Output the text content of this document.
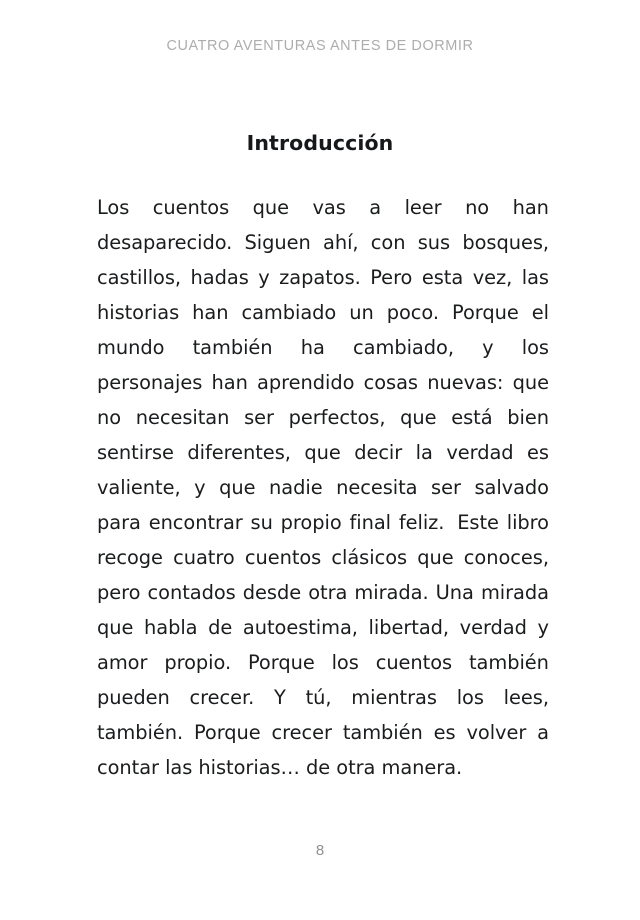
CUATRO AVENTURAS ANTES DE DORMIR
Introducción
Los cuentos que vas a leer no han
desaparecido. Siguen ahí, con sus bosques,
castillos, hadas y zapatos. Pero esta vez, las
historias han cambiado un poco. Porque el
mundo también ha cambiado, y los
personajes han aprendido cosas nuevas: que
no necesitan ser perfectos, que está bien
sentirse diferentes, que decir la verdad es
valiente, y que nadie necesita ser salvado
para encontrar su propio final feliz. Este libro
recoge cuatro cuentos clásicos que conoces,
pero contados desde otra mirada. Una mirada
que habla de autoestima, libertad, verdad y
amor propio. Porque los cuentos también
pueden crecer. Y tú, mientras los lees,
también. Porque crecer también es volver a
contar las historias… de otra manera.
8
